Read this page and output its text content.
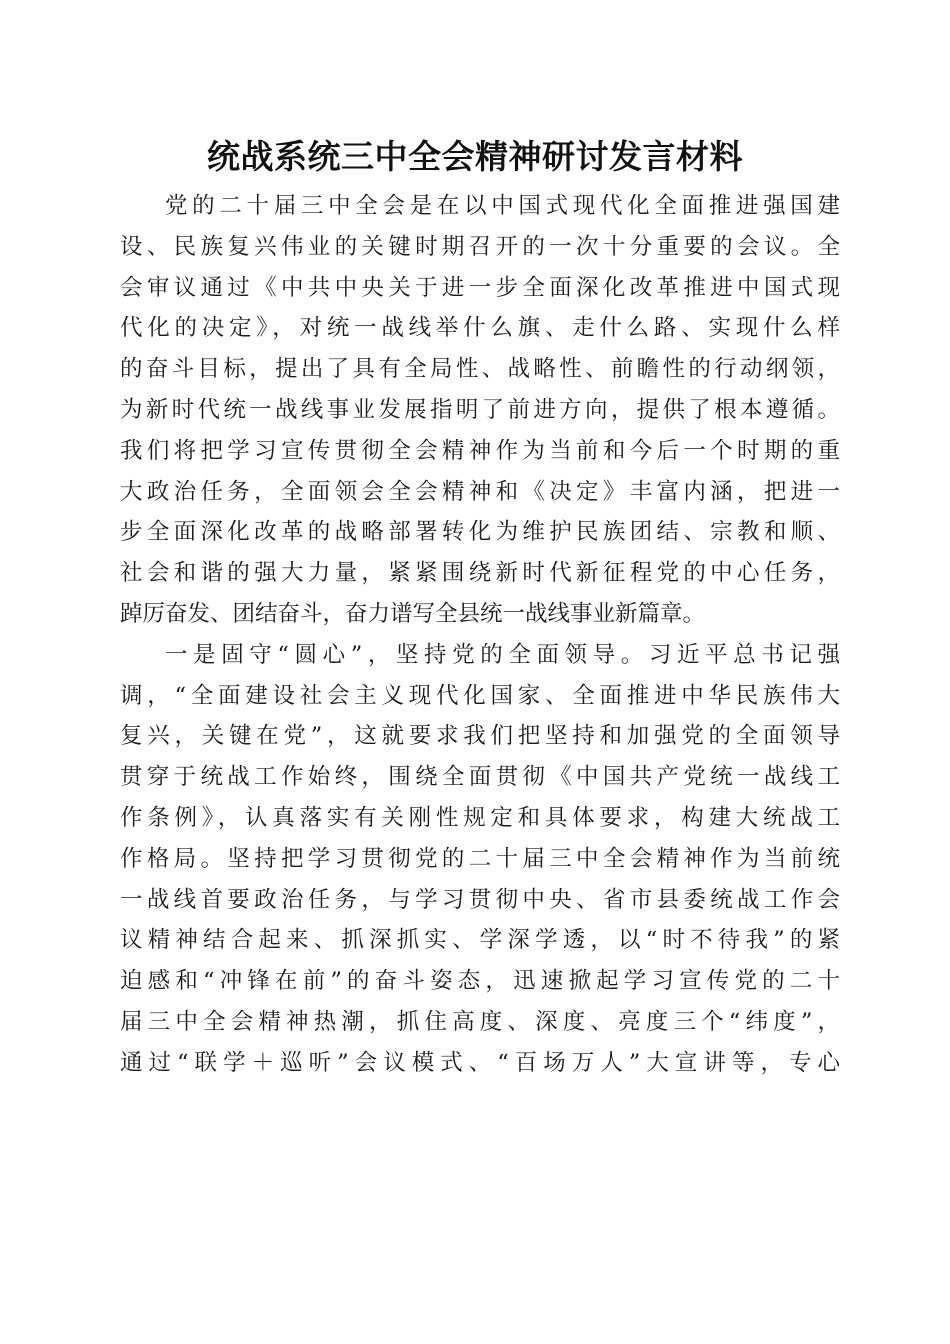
统战系统三中全会精神研讨发言材料
党的二十届三中全会是在以中国式现代化全面推进强国建
设、民族复兴伟业的关键时期召开的一次十分重要的会议。全
会审议通过《中共中央关于进一步全面深化改革推进中国式现
代化的决定》，对统一战线举什么旗、走什么路、实现什么样
的奋斗目标，提出了具有全局性、战略性、前瞻性的行动纲领，
为新时代统一战线事业发展指明了前进方向，提供了根本遵循。
我们将把学习宣传贯彻全会精神作为当前和今后一个时期的重
大政治任务，全面领会全会精神和《决定》丰富内涵，把进一
步全面深化改革的战略部署转化为维护民族团结、宗教和顺、
社会和谐的强大力量，紧紧围绕新时代新征程党的中心任务，
踔厉奋发、团结奋斗，奋力谱写全县统一战线事业新篇章。
一是固守“圆心”，坚持党的全面领导。习近平总书记强
调，“全面建设社会主义现代化国家、全面推进中华民族伟大
复兴，关键在党”，这就要求我们把坚持和加强党的全面领导
贯穿于统战工作始终，围绕全面贯彻《中国共产党统一战线工
作条例》，认真落实有关刚性规定和具体要求，构建大统战工
作格局。坚持把学习贯彻党的二十届三中全会精神作为当前统
一战线首要政治任务，与学习贯彻中央、省市县委统战工作会
议精神结合起来、抓深抓实、学深学透，以“时不待我”的紧
迫感和“冲锋在前”的奋斗姿态，迅速掀起学习宣传党的二十
届三中全会精神热潮，抓住高度、深度、亮度三个“纬度”，
通过“联学＋巡听”会议模式、“百场万人”大宣讲等，专心
